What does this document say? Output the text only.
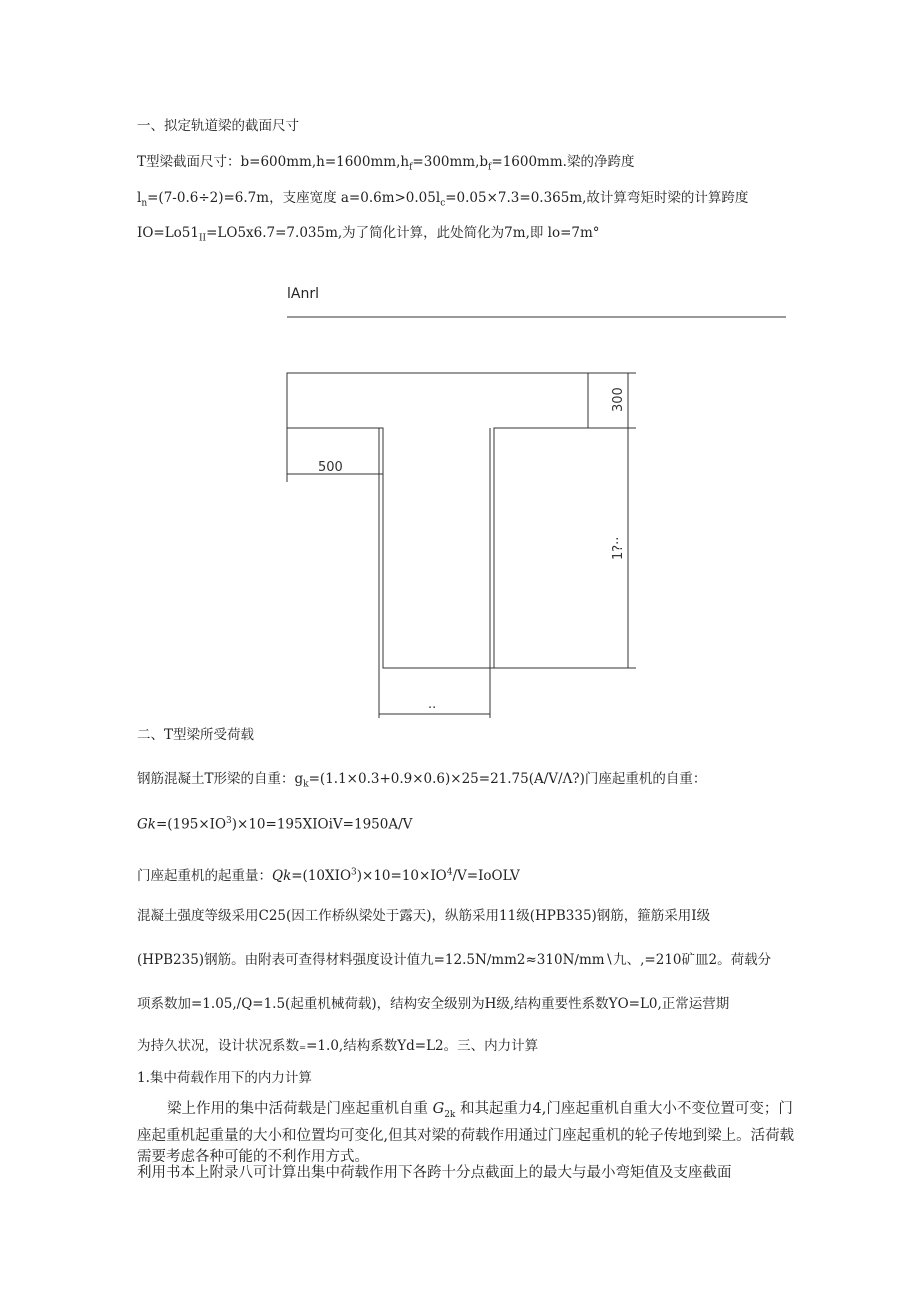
一、拟定轨道梁的截面尺寸
T型梁截面尺寸：$b=600mm,h=1600mm,h_f=300mm,b_f=1600mm$.梁的净跨度
$l_n=(7-0.6\div 2)=6.7m$，支座宽度 $a=0.6m>0.05l_c=0.05\times 7.3=0.365m$,故计算弯矩时梁的计算跨度
$IO=Lo51_{II}=LO5x6.7=7.035m$,为了简化计算，此处简化为7m,即 lo=7m°
lAnrl
300
500
1?··
··
二、T型梁所受荷载
钢筋混凝土T形梁的自重：$g_k=(1.1\times 0.3+0.9\times 0.6)\times 25=21.75(A/V/\Lambda?)$门座起重机的自重：
$Gk=(195\times IO^3)\times 10=195XIOiV=1950A/V$
门座起重机的起重量：$Qk=(10XIO^3)\times 10=10\times IO^4/V=IoOLV$
混凝土强度等级采用C25(因工作桥纵梁处于露天)，纵筋采用11级(HPB335)钢筋，箍筋采用I级
(HPB235)钢筋。由附表可查得材料强度设计值九=12.5N∕mm2≈310N∕mm∖九、,=210矿皿2。荷载分
项系数加=1.05,/Q=1.5(起重机械荷载)，结构安全级别为H级,结构重要性系数YO=L0,正常运营期
为持久状况，设计状况系数₌=1.0,结构系数Yd=L2。三、内力计算
1.集中荷载作用下的内力计算
梁上作用的集中活荷载是门座起重机自重 $G_{2k}$ 和其起重力4,门座起重机自重大小不变位置可变；门座起重机起重量的大小和位置均可变化,但其对梁的荷载作用通过门座起重机的轮子传地到梁上。活荷载需要考虑各种可能的不利作用方式。
利用书本上附录八可计算出集中荷载作用下各跨十分点截面上的最大与最小弯矩值及支座截面
